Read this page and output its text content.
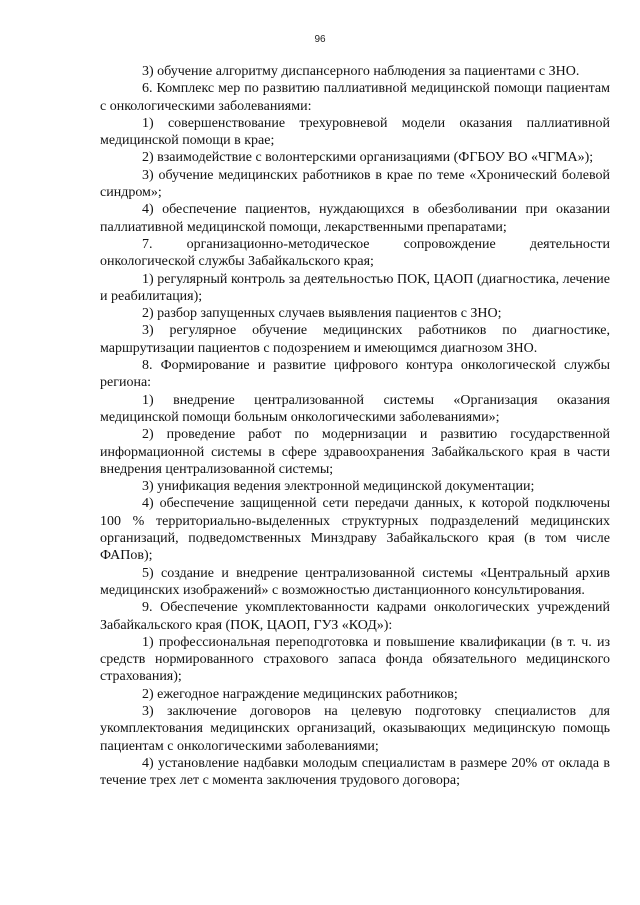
96

3) обучение алгоритму диспансерного наблюдения за пациентами с ЗНО.

6. Комплекс мер по развитию паллиативной медицинской помощи пациентам с онкологическими заболеваниями:

1) совершенствование трехуровневой модели оказания паллиативной медицинской помощи в крае;

2) взаимодействие с волонтерскими организациями (ФГБОУ ВО «ЧГМА»);

3) обучение медицинских работников в крае по теме «Хронический болевой синдром»;

4) обеспечение пациентов, нуждающихся в обезболивании при оказании паллиативной медицинской помощи, лекарственными препаратами;

7. организационно-методическое сопровождение деятельности онкологической службы Забайкальского края;

1) регулярный контроль за деятельностью ПОК, ЦАОП (диагностика, лечение и реабилитация);

2) разбор запущенных случаев выявления пациентов с ЗНО;

3) регулярное обучение медицинских работников по диагностике, маршрутизации пациентов с подозрением и имеющимся диагнозом ЗНО.

8. Формирование и развитие цифрового контура онкологической службы региона:

1) внедрение централизованной системы «Организация оказания медицинской помощи больным онкологическими заболеваниями»;

2) проведение работ по модернизации и развитию государственной информационной системы в сфере здравоохранения Забайкальского края в части внедрения централизованной системы;

3) унификация ведения электронной медицинской документации;

4) обеспечение защищенной сети передачи данных, к которой подключены 100 % территориально-выделенных структурных подразделений медицинских организаций, подведомственных Минздраву Забайкальского края (в том числе ФАПов);

5) создание и внедрение централизованной системы «Центральный архив медицинских изображений» с возможностью дистанционного консультирования.

9. Обеспечение укомплектованности кадрами онкологических учреждений Забайкальского края (ПОК, ЦАОП, ГУЗ «КОД»):

1) профессиональная переподготовка и повышение квалификации (в т. ч. из средств нормированного страхового запаса фонда обязательного медицинского страхования);

2) ежегодное награждение медицинских работников;

3) заключение договоров на целевую подготовку специалистов для укомплектования медицинских организаций, оказывающих медицинскую помощь пациентам с онкологическими заболеваниями;

4) установление надбавки молодым специалистам в размере 20% от оклада в течение трех лет с момента заключения трудового договора;
